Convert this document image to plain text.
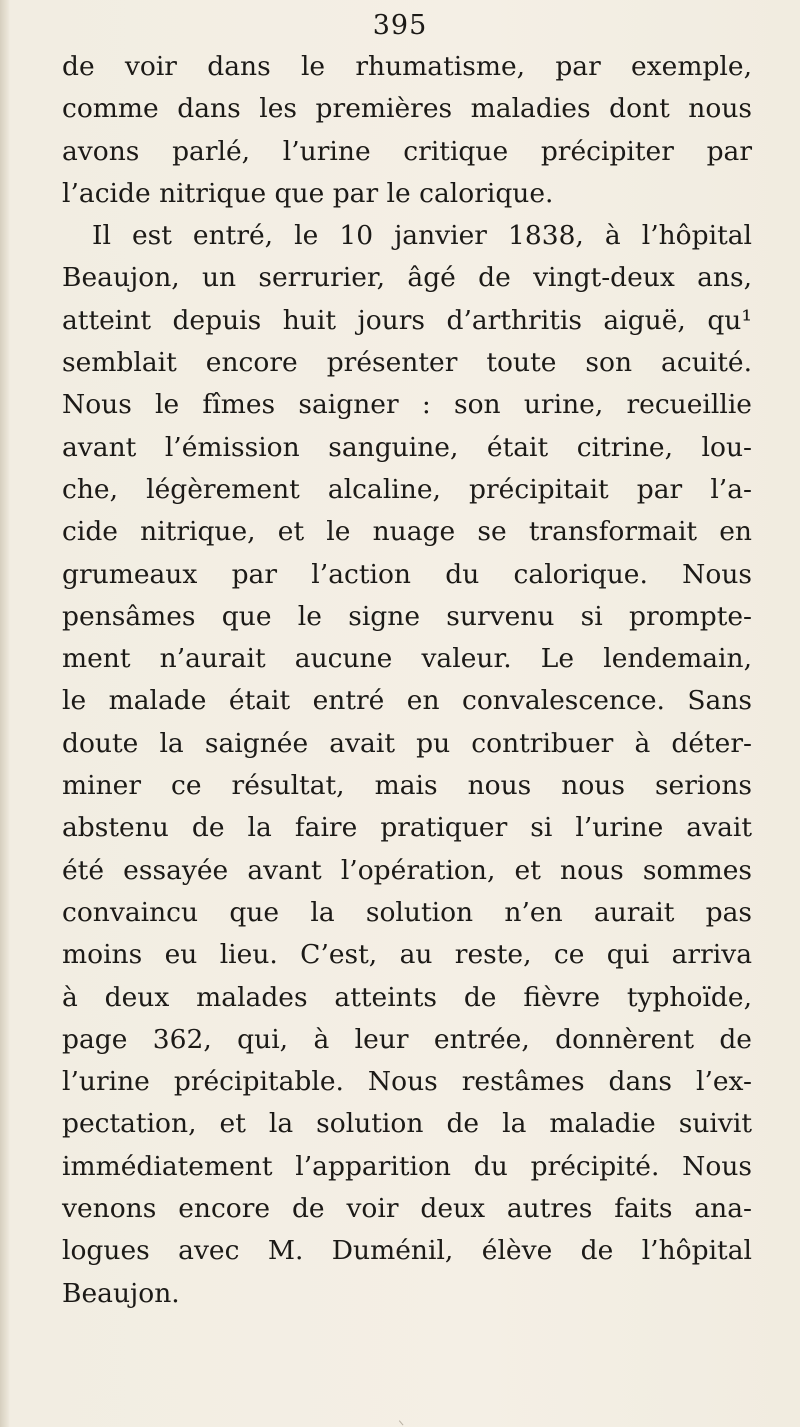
395
de voir dans le rhumatisme, par exemple,
comme dans les premières maladies dont nous
avons parlé, l’urine critique précipiter par
l’acide nitrique que par le calorique.
Il est entré, le 10 janvier 1838, à l’hôpital
Beaujon, un serrurier, âgé de vingt-deux ans,
atteint depuis huit jours d’arthritis aiguë, qu¹
semblait encore présenter toute son acuité.
Nous le fîmes saigner : son urine, recueillie
avant l’émission sanguine, était citrine, lou-
che, légèrement alcaline, précipitait par l’a-
cide nitrique, et le nuage se transformait en
grumeaux par l’action du calorique. Nous
pensâmes que le signe survenu si prompte-
ment n’aurait aucune valeur. Le lendemain,
le malade était entré en convalescence. Sans
doute la saignée avait pu contribuer à déter-
miner ce résultat, mais nous nous serions
abstenu de la faire pratiquer si l’urine avait
été essayée avant l’opération, et nous sommes
convaincu que la solution n’en aurait pas
moins eu lieu. C’est, au reste, ce qui arriva
à deux malades atteints de fièvre typhoïde,
page 362, qui, à leur entrée, donnèrent de
l’urine précipitable. Nous restâmes dans l’ex-
pectation, et la solution de la maladie suivit
immédiatement l’apparition du précipité. Nous
venons encore de voir deux autres faits ana-
logues avec M. Duménil, élève de l’hôpital
Beaujon.
